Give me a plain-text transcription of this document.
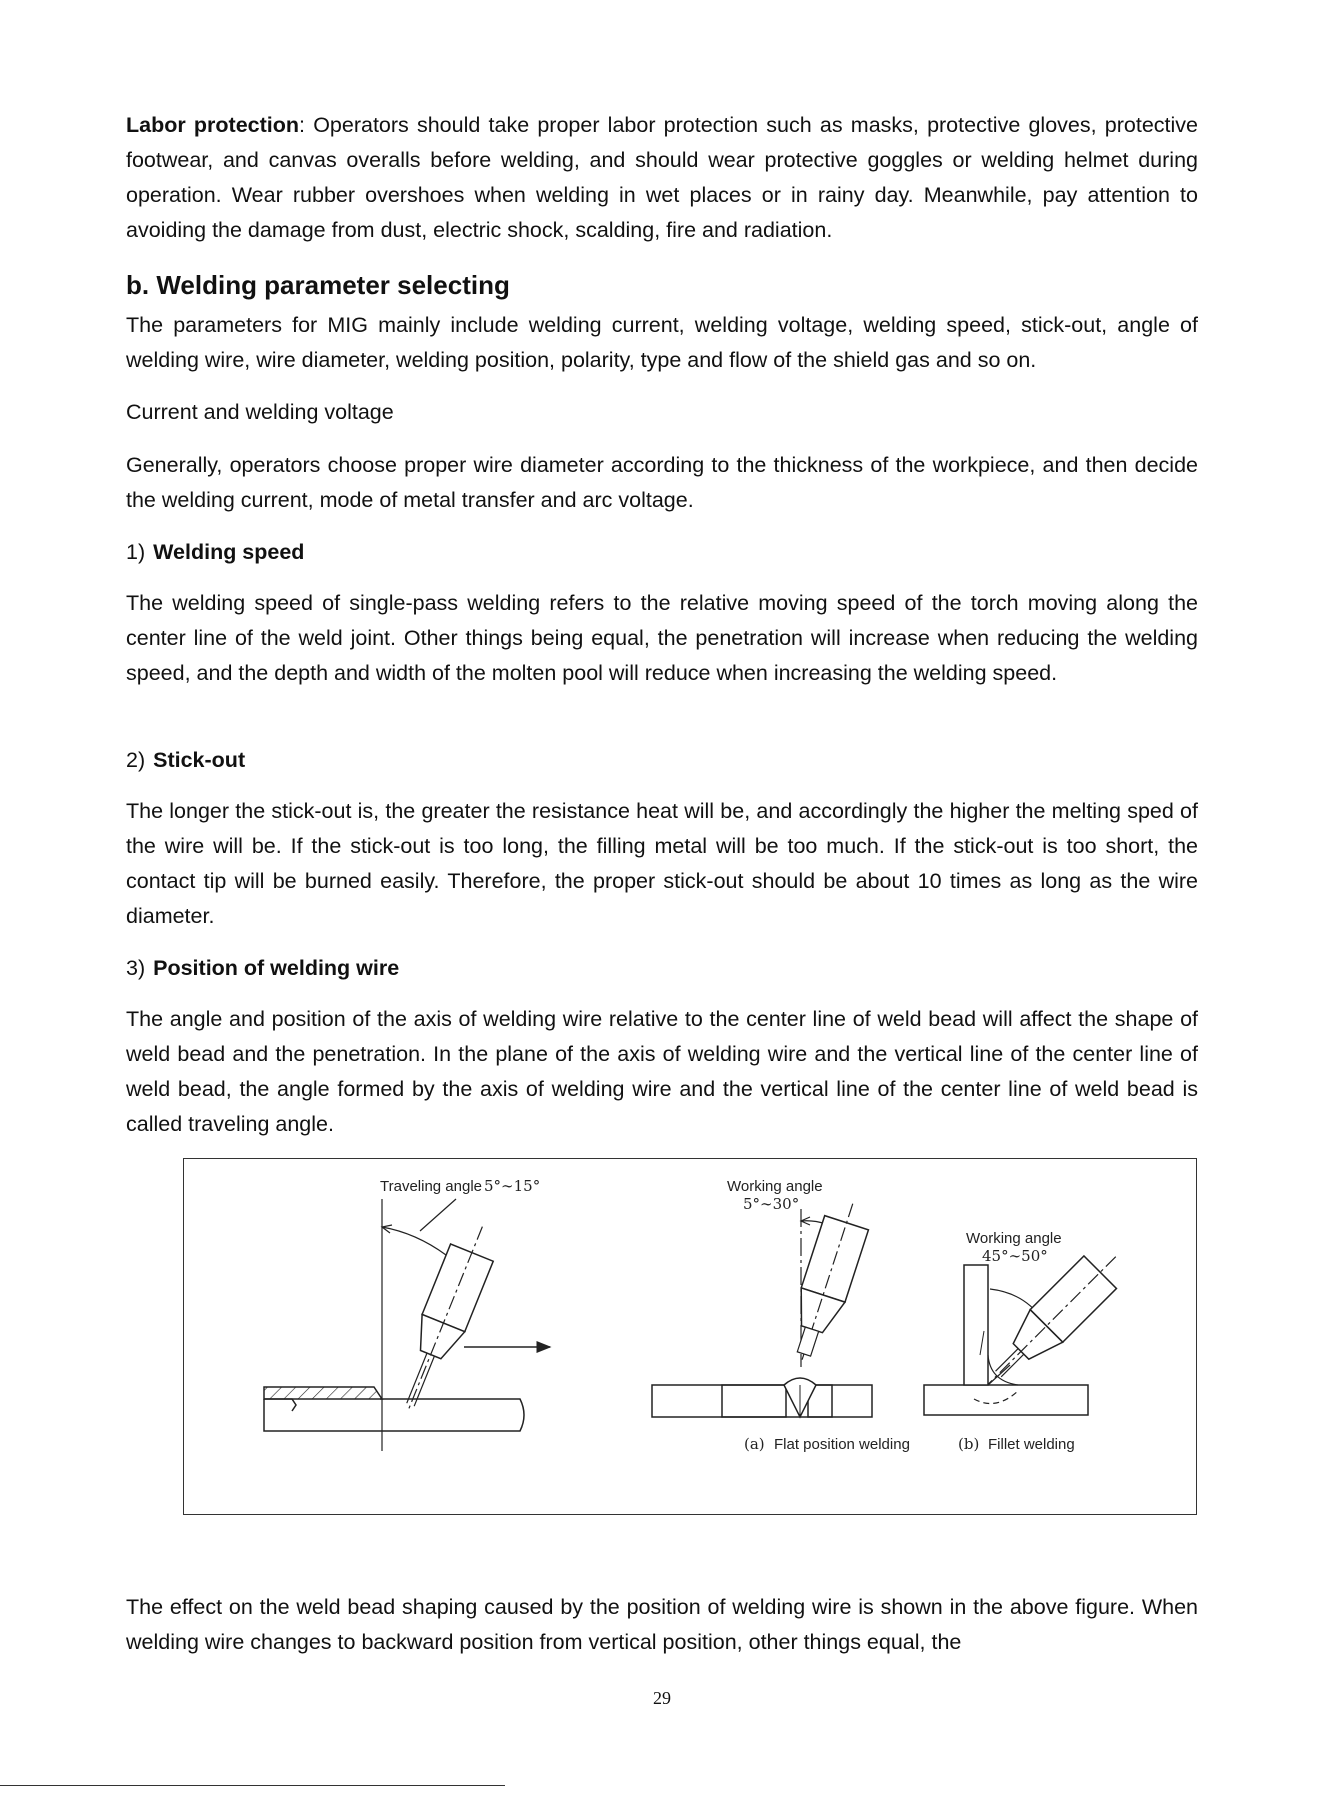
Labor protection: Operators should take proper labor protection such as masks, protective gloves, protective footwear, and canvas overalls before welding, and should wear protective goggles or welding helmet during operation. Wear rubber overshoes when welding in wet places or in rainy day. Meanwhile, pay attention to avoiding the damage from dust, electric shock, scalding, fire and radiation.

b. Welding parameter selecting

The parameters for MIG mainly include welding current, welding voltage, welding speed, stick-out, angle of welding wire, wire diameter, welding position, polarity, type and flow of the shield gas and so on.

Current and welding voltage

Generally, operators choose proper wire diameter according to the thickness of the workpiece, and then decide the welding current, mode of metal transfer and arc voltage.

1) Welding speed

The welding speed of single-pass welding refers to the relative moving speed of the torch moving along the center line of the weld joint. Other things being equal, the penetration will increase when reducing the welding speed, and the depth and width of the molten pool will reduce when increasing the welding speed.

2) Stick-out

The longer the stick-out is, the greater the resistance heat will be, and accordingly the higher the melting sped of the wire will be. If the stick-out is too long, the filling metal will be too much. If the stick-out is too short, the contact tip will be burned easily. Therefore, the proper stick-out should be about 10 times as long as the wire diameter.

3) Position of welding wire

The angle and position of the axis of welding wire relative to the center line of weld bead will affect the shape of weld bead and the penetration. In the plane of the axis of welding wire and the vertical line of the center line of weld bead, the angle formed by the axis of welding wire and the vertical line of the center line of weld bead is called traveling angle.

Traveling angle 5°∼15°	Working angle
5°∼30°
Working angle
45°∼50°
(a) Flat position welding	(b) Fillet welding

The effect on the weld bead shaping caused by the position of welding wire is shown in the above figure. When welding wire changes to backward position from vertical position, other things equal, the

29
